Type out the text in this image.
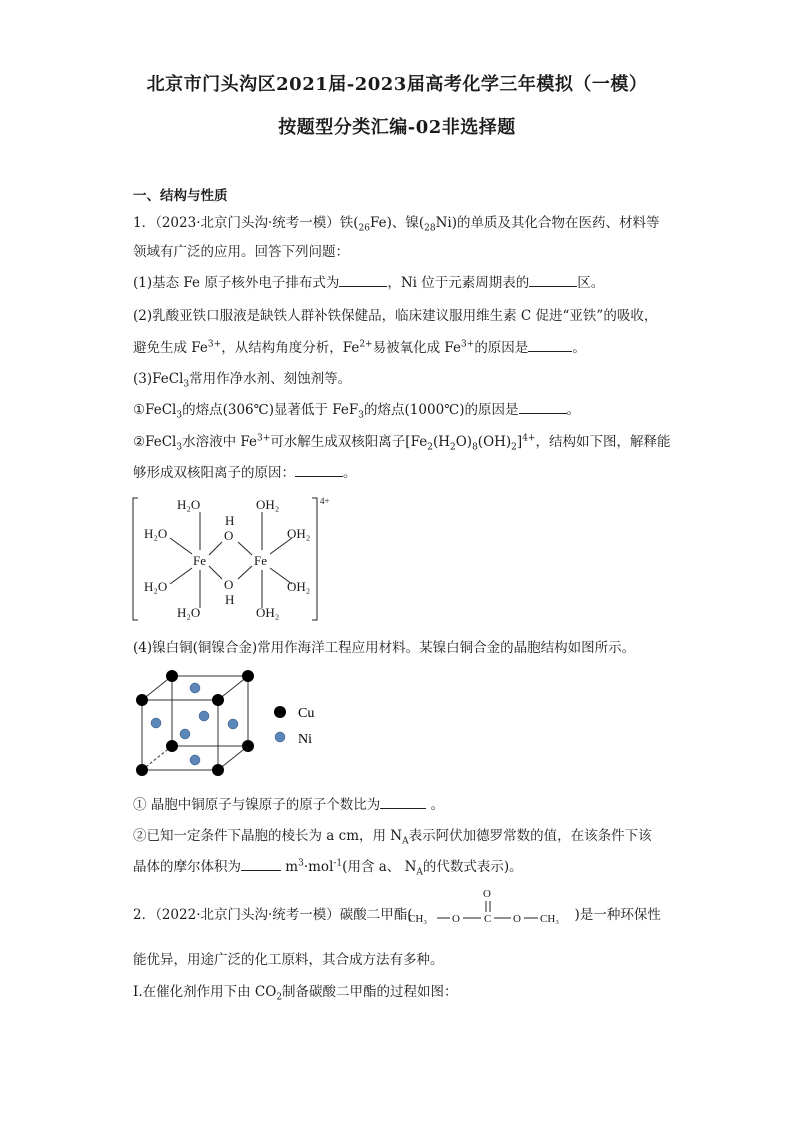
北京市门头沟区2021届-2023届高考化学三年模拟（一模）
按题型分类汇编-02非选择题
一、结构与性质
1．（2023·北京门头沟·统考一模）铁$(_{26}Fe)$、镍$(_{28}Ni)$的单质及其化合物在医药、材料等
领域有广泛的应用。回答下列问题：
(1)基态 Fe 原子核外电子排布式为	，Ni 位于元素周期表的	区。
(2)乳酸亚铁口服液是缺铁人群补铁保健品，临床建议服用维生素 C 促进“亚铁”的吸收，
避免生成 $Fe^{3+}$，从结构角度分析，$Fe^{2+}$易被氧化成 $Fe^{3+}$的原因是	。
(3)FeCl$_3$常用作净水剂、刻蚀剂等。
①FeCl$_3$的熔点(306℃)显著低于 FeF$_3$的熔点(1000℃)的原因是	。
②FeCl$_3$水溶液中 $Fe^{3+}$可水解生成双核阳离子$[Fe_2(H_2O)_8(OH)_2]^{4+}$，结构如下图，解释能
够形成双核阳离子的原因：	。
H₂O	OH₂
H₂O	OH₂
H
O
Fe	Fe
O
H
H₂O	OH₂
H₂O	OH₂
4+
(4)镍白铜(铜镍合金)常用作海洋工程应用材料。某镍白铜合金的晶胞结构如图所示。
Cu
Ni
① 晶胞中铜原子与镍原子的原子个数比为	。
②已知一定条件下晶胞的棱长为 a cm，用 $N_A$表示阿伏加德罗常数的值，在该条件下该
晶体的摩尔体积为	$m^3\cdot mol^{-1}$(用含 a、 $N_A$的代数式表示)。
2．（2022·北京门头沟·统考一模）碳酸二甲酯(	)是一种环保性
O
CH₃ O C O CH₃
能优异，用途广泛的化工原料，其合成方法有多种。
Ⅰ.在催化剂作用下由 $CO_2$制备碳酸二甲酯的过程如图：
